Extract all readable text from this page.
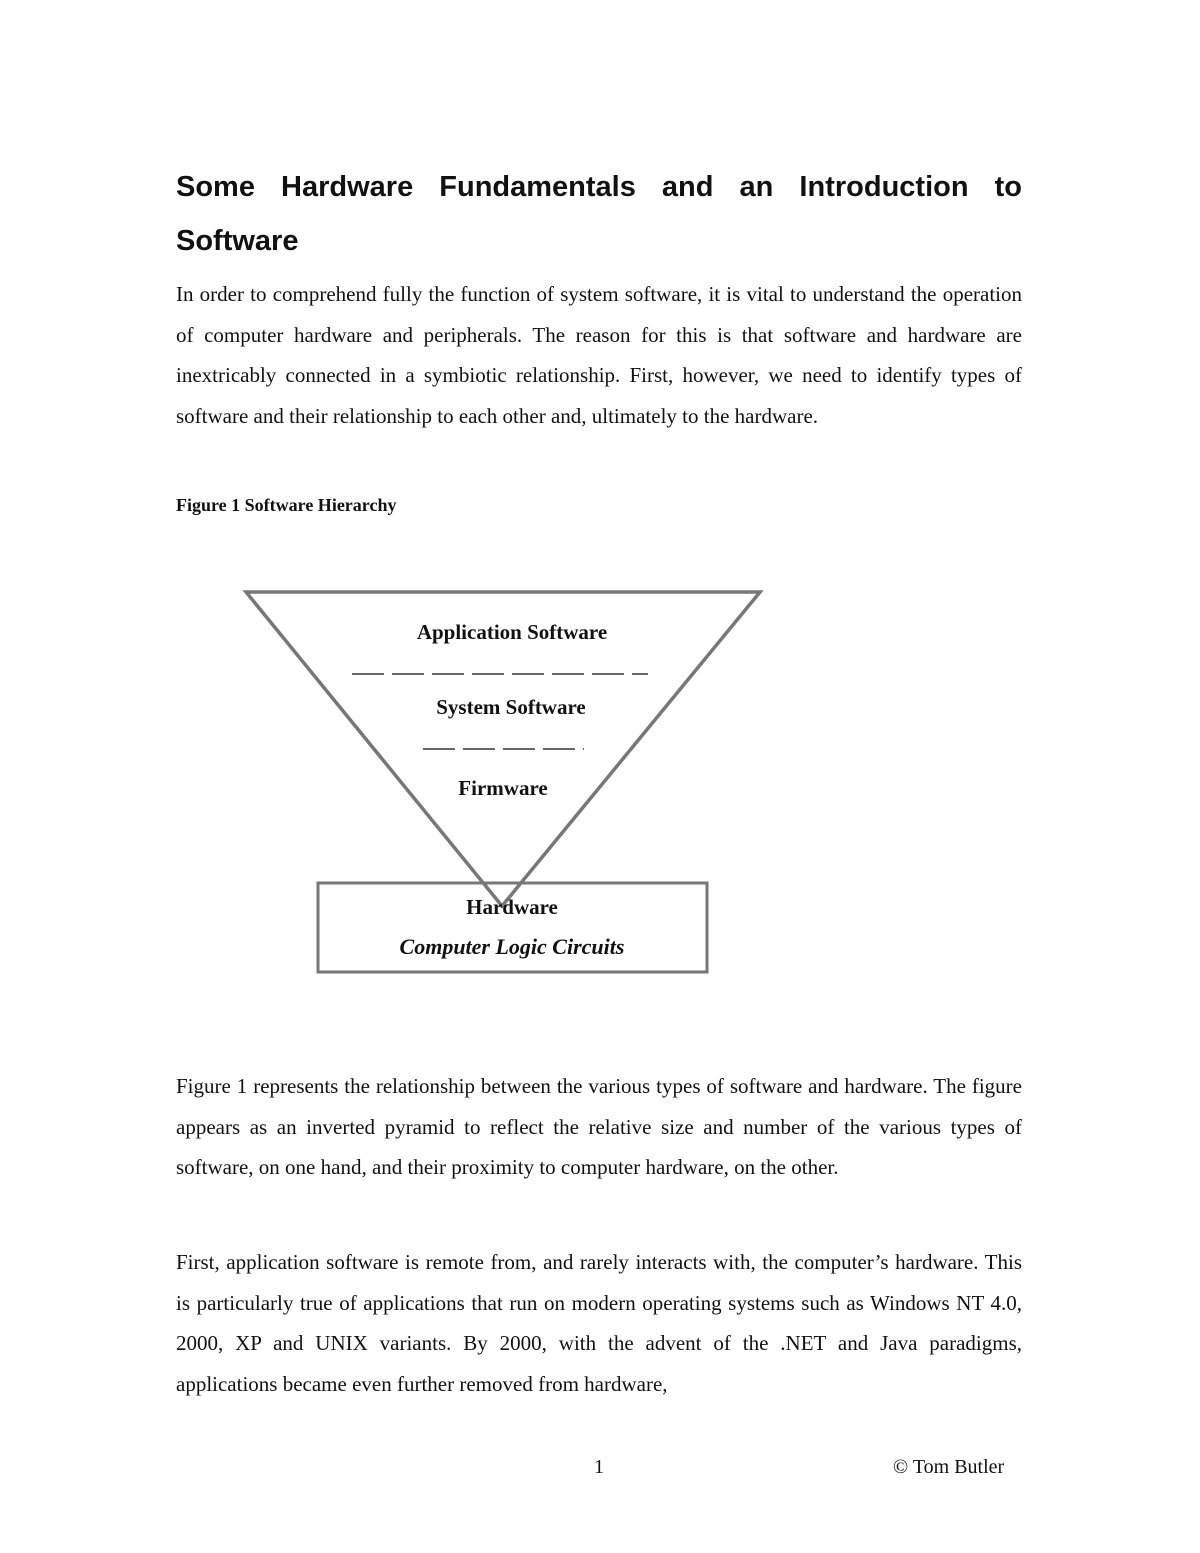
Some Hardware Fundamentals and an Introduction to Software

In order to comprehend fully the function of system software, it is vital to understand the operation of computer hardware and peripherals. The reason for this is that software and hardware are inextricably connected in a symbiotic relationship. First, however, we need to identify types of software and their relationship to each other and, ultimately to the hardware.

Figure 1 Software Hierarchy

Application Software
System Software
Firmware
Hardware
Computer Logic Circuits

Figure 1 represents the relationship between the various types of software and hardware. The figure appears as an inverted pyramid to reflect the relative size and number of the various types of software, on one hand, and their proximity to computer hardware, on the other.

First, application software is remote from, and rarely interacts with, the computer’s hardware. This is particularly true of applications that run on modern operating systems such as Windows NT 4.0, 2000, XP and UNIX variants. By 2000, with the advent of the .NET and Java paradigms, applications became even further removed from hardware,

1	© Tom Butler
